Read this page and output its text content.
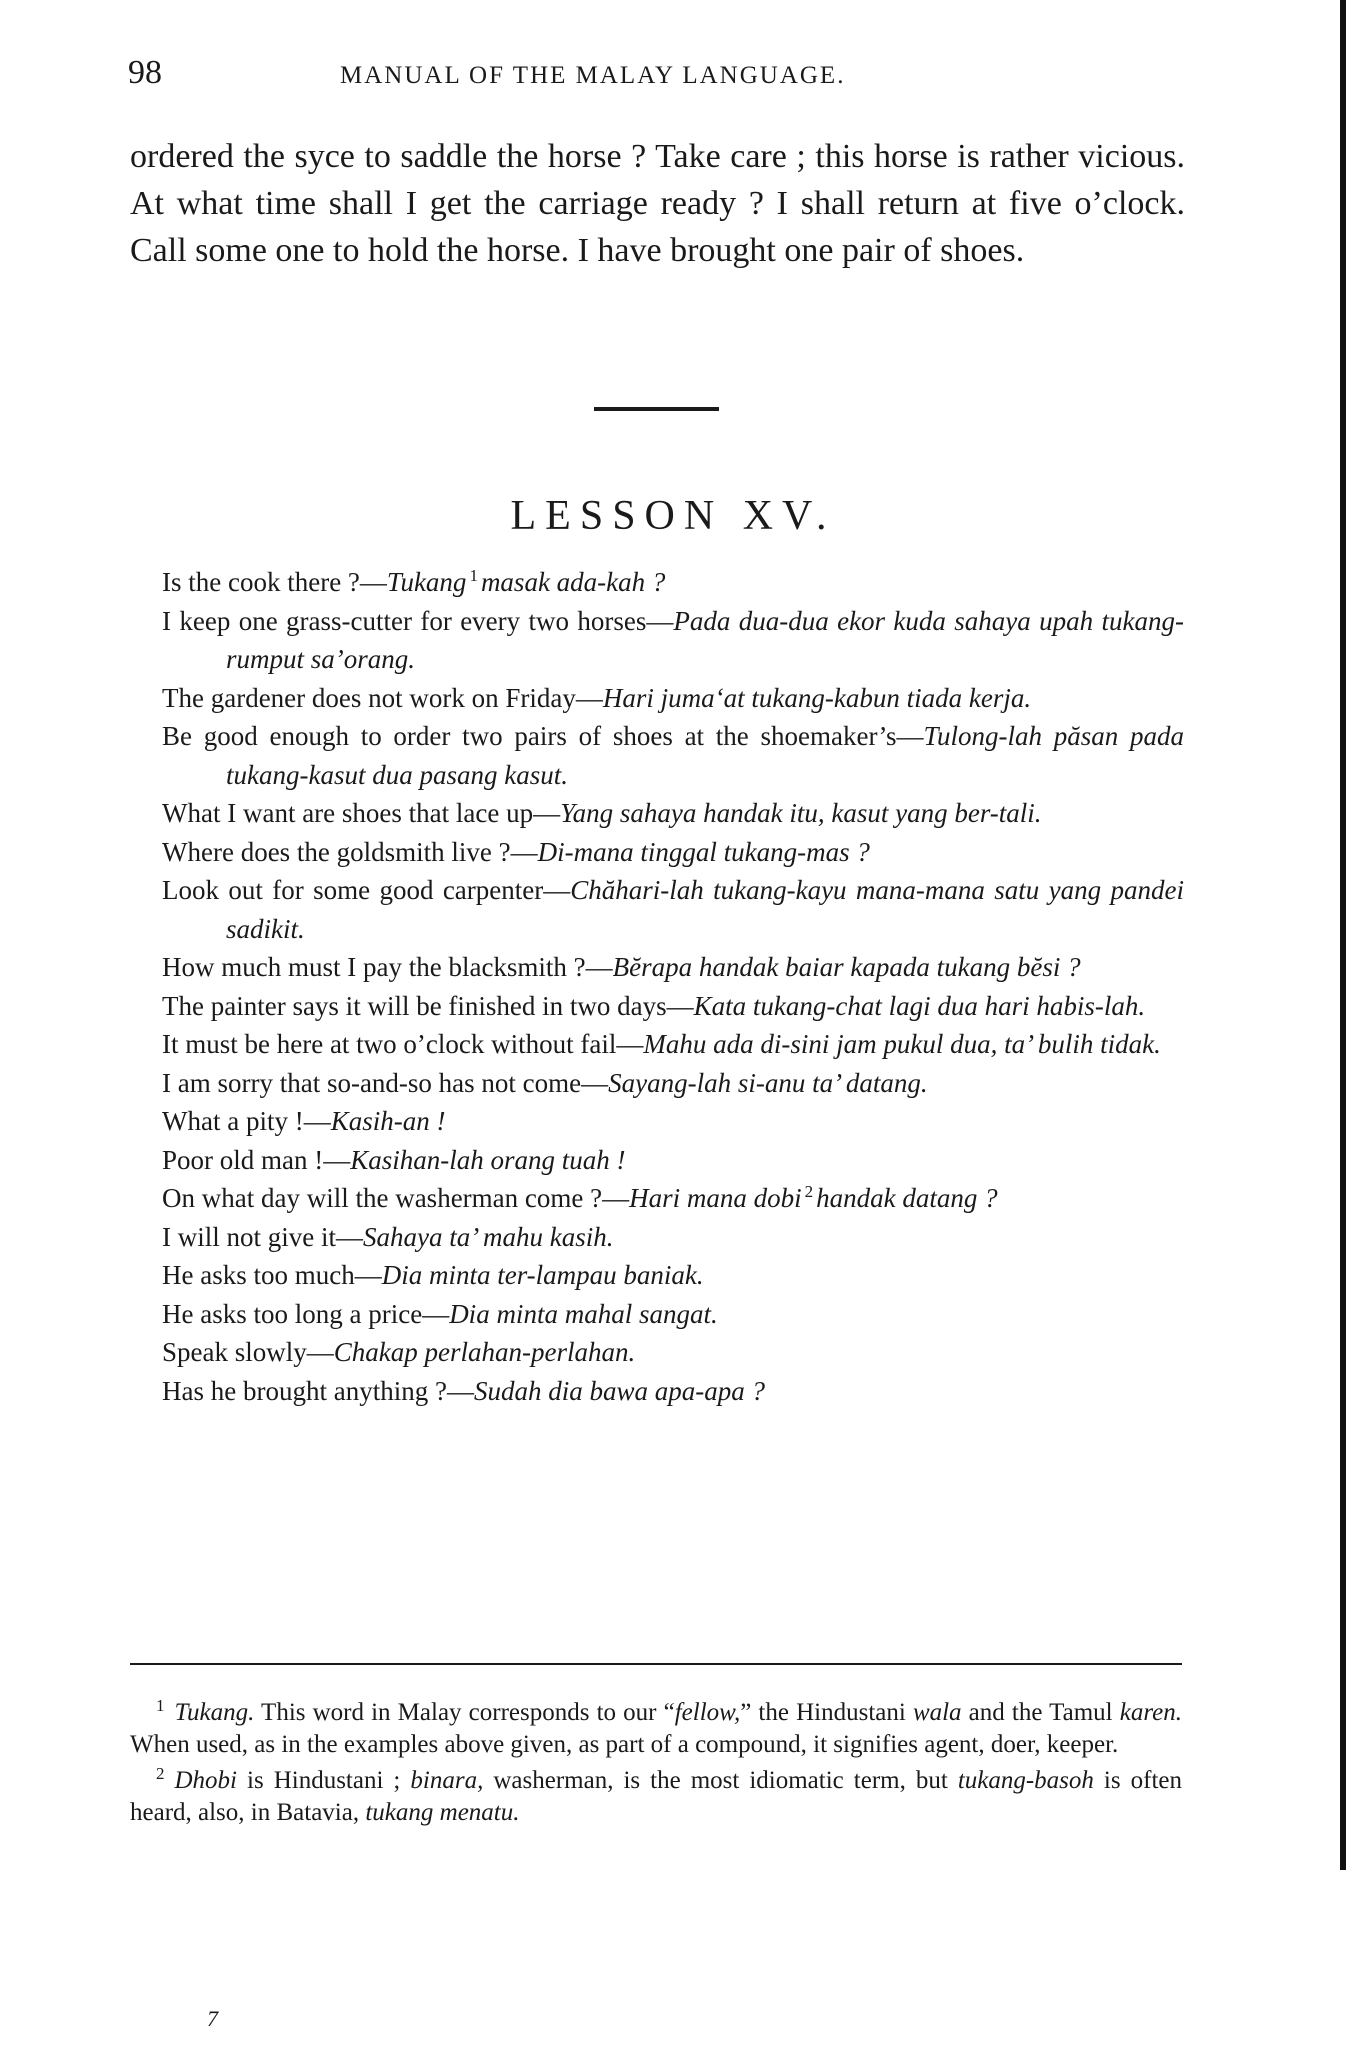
98	MANUAL OF THE MALAY LANGUAGE.

ordered the syce to saddle the horse ? Take care ; this horse is rather vicious. At what time shall I get the carriage ready ? I shall return at five o’clock. Call some one to hold the horse. I have brought one pair of shoes.

LESSON XV.
Is the cook there ?—Tukang $^1$ masak ada-kah ?
I keep one grass-cutter for every two horses—Pada dua-dua ekor kuda sahaya upah tukang-rumput sa’orang.
The gardener does not work on Friday—Hari juma‘at tukang-kabun tiada kerja.
Be good enough to order two pairs of shoes at the shoemaker’s—Tulong-lah păsan pada tukang-kasut dua pasang kasut.
What I want are shoes that lace up—Yang sahaya handak itu, kasut yang ber-tali.
Where does the goldsmith live ?—Di-mana tinggal tukang-mas ?
Look out for some good carpenter—Chăhari-lah tukang-kayu mana-mana satu yang pandei sadikit.
How much must I pay the blacksmith ?—Bĕrapa handak baiar kapada tukang bĕsi ?
The painter says it will be finished in two days—Kata tukang-chat lagi dua hari habis-lah.
It must be here at two o’clock without fail—Mahu ada di-sini jam pukul dua, ta’ bulih tidak.
I am sorry that so-and-so has not come—Sayang-lah si-anu ta’ datang.
What a pity !—Kasih-an !
Poor old man !—Kasihan-lah orang tuah !
On what day will the washerman come ?—Hari mana dobi $^2$ handak datang ?
I will not give it—Sahaya ta’ mahu kasih.
He asks too much—Dia minta ter-lampau baniak.
He asks too long a price—Dia minta mahal sangat.
Speak slowly—Chakap perlahan-perlahan.
Has he brought anything ?—Sudah dia bawa apa-apa ?
$^1$ Tukang. This word in Malay corresponds to our “fellow,” the Hindustani wala and the Tamul karen. When used, as in the examples above given, as part of a compound, it signifies agent, doer, keeper.
$^2$ Dhobi is Hindustani ; binara, washerman, is the most idiomatic term, but tukang-basoh is often heard, also, in Batavia, tukang menatu.
7
